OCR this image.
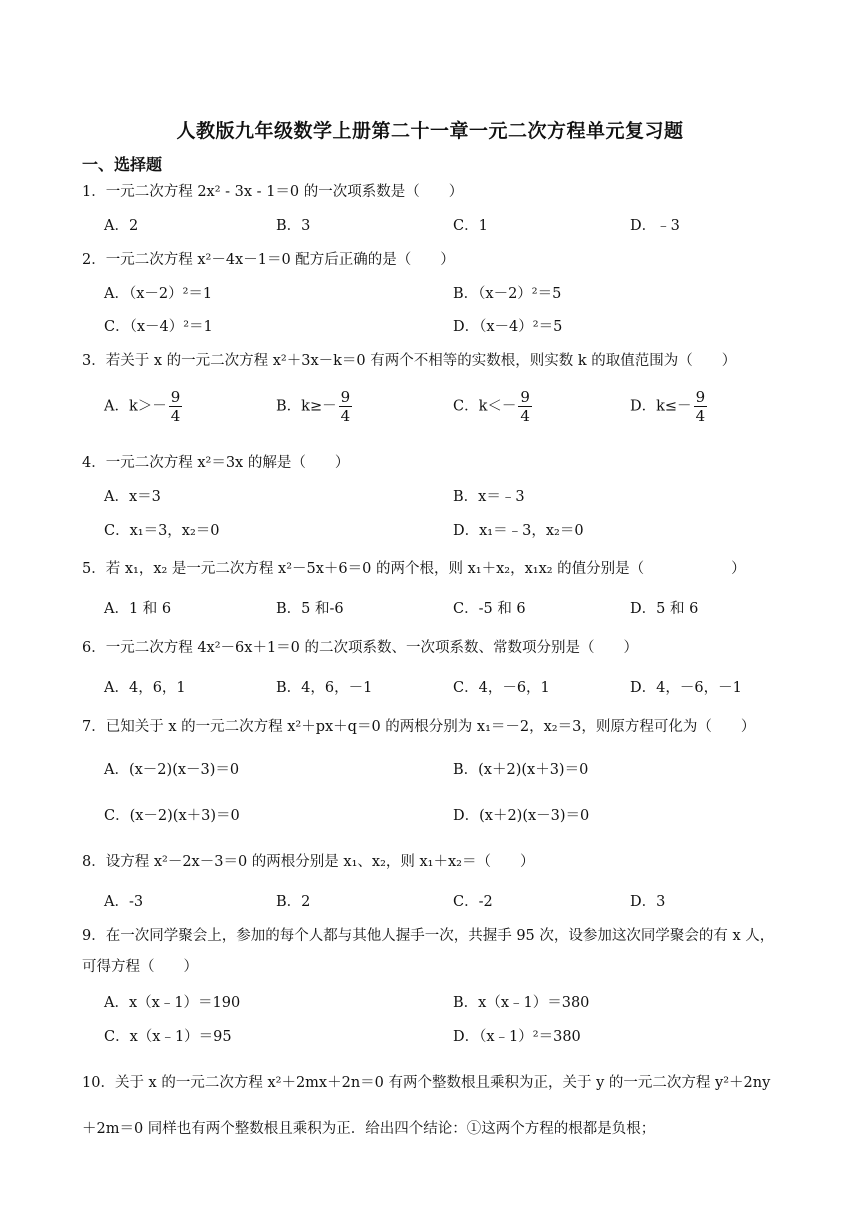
人教版九年级数学上册第二十一章一元二次方程单元复习题
一、选择题
1．一元二次方程 2x² ‑ 3x ‑ 1＝0 的一次项系数是（　　）
A．2	B．3	C．1	D．﹣3
2．一元二次方程 x²－4x－1＝0 配方后正确的是（　　）
A．（x－2）²＝1	B．（x－2）²＝5
C．（x－4）²＝1	D．（x－4）²＝5
3．若关于 x 的一元二次方程 x²＋3x－k＝0 有两个不相等的实数根，则实数 k 的取值范围为（　　）
A．$k>- \frac{9}{4}$	B．$k\ge- \frac{9}{4}$	C．$k<- \frac{9}{4}$	D．$k\le- \frac{9}{4}$
4．一元二次方程 x²＝3x 的解是（　　）
A．x＝3	B．x＝﹣3
C．x₁＝3，x₂＝0	D．x₁＝﹣3，x₂＝0
5．若 x₁，x₂ 是一元二次方程 x²－5x＋6＝0 的两个根，则 x₁＋x₂，x₁x₂ 的值分别是（　　　　　　）
A．1 和 6	B．5 和-6	C．-5 和 6	D．5 和 6
6．一元二次方程 4x²－6x＋1＝0 的二次项系数、一次项系数、常数项分别是（　　）
A．4，6，1	B．4，6，－1	C．4，－6，1	D．4，－6，－1
7．已知关于 x 的一元二次方程 x²＋px＋q＝0 的两根分别为 x₁＝－2，x₂＝3，则原方程可化为（　　）
A．(x－2)(x－3)＝0	B．(x＋2)(x＋3)＝0
C．(x－2)(x＋3)＝0	D．(x＋2)(x－3)＝0
8．设方程 x²－2x－3＝0 的两根分别是 x₁、x₂，则 x₁＋x₂＝（　　）
A．-3	B．2	C．-2	D．3
9．在一次同学聚会上，参加的每个人都与其他人握手一次，共握手 95 次，设参加这次同学聚会的有 x 人，可得方程（　　）
A．x（x﹣1）＝190	B．x（x﹣1）＝380
C．x（x﹣1）＝95	D．（x﹣1）²＝380
10．关于 x 的一元二次方程 x²＋2mx＋2n＝0 有两个整数根且乘积为正，关于 y 的一元二次方程 y²＋2ny＋2m＝0 同样也有两个整数根且乘积为正．给出四个结论：①这两个方程的根都是负根；
